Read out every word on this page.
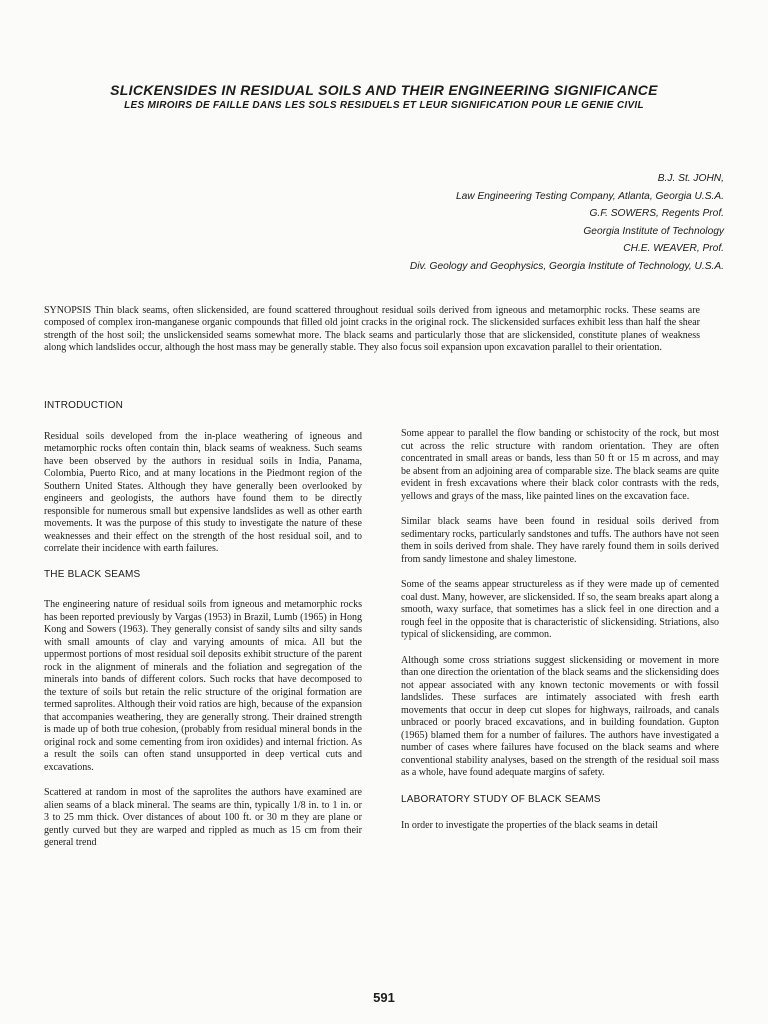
SLICKENSIDES IN RESIDUAL SOILS AND THEIR ENGINEERING SIGNIFICANCE
LES MIROIRS DE FAILLE DANS LES SOLS RESIDUELS ET LEUR SIGNIFICATION POUR LE GENIE CIVIL
B.J. St. JOHN,
Law Engineering Testing Company, Atlanta, Georgia U.S.A.
G.F. SOWERS, Regents Prof.
Georgia Institute of Technology
CH.E. WEAVER, Prof.
Div. Geology and Geophysics, Georgia Institute of Technology, U.S.A.
SYNOPSIS Thin black seams, often slickensided, are found scattered throughout residual soils derived from igneous and metamorphic rocks. These seams are composed of complex iron-manganese organic compounds that filled old joint cracks in the original rock. The slickensided surfaces exhibit less than half the shear strength of the host soil; the unslickensided seams somewhat more. The black seams and particularly those that are slickensided, constitute planes of weakness along which landslides occur, although the host mass may be generally stable. They also focus soil expansion upon excavation parallel to their orientation.
INTRODUCTION

Residual soils developed from the in-place weathering of igneous and metamorphic rocks often contain thin, black seams of weakness. Such seams have been observed by the authors in residual soils in India, Panama, Colombia, Puerto Rico, and at many locations in the Piedmont region of the Southern United States. Although they have generally been overlooked by engineers and geologists, the authors have found them to be directly responsible for numerous small but expensive landslides as well as other earth movements. It was the purpose of this study to investigate the nature of these weaknesses and their effect on the strength of the host residual soil, and to correlate their incidence with earth failures.

THE BLACK SEAMS

The engineering nature of residual soils from igneous and metamorphic rocks has been reported previously by Vargas (1953) in Brazil, Lumb (1965) in Hong Kong and Sowers (1963). They generally consist of sandy silts and silty sands with small amounts of clay and varying amounts of mica. All but the uppermost portions of most residual soil deposits exhibit structure of the parent rock in the alignment of minerals and the foliation and segregation of the minerals into bands of different colors. Such rocks that have decomposed to the texture of soils but retain the relic structure of the original formation are termed saprolites. Although their void ratios are high, because of the expansion that accompanies weathering, they are generally strong. Their drained strength is made up of both true cohesion, (probably from residual mineral bonds in the original rock and some cementing from iron oxidides) and internal friction. As a result the soils can often stand unsupported in deep vertical cuts and excavations.

Scattered at random in most of the saprolites the authors have examined are alien seams of a black mineral. The seams are thin, typically 1/8 in. to 1 in. or 3 to 25 mm thick. Over distances of about 100 ft. or 30 m they are plane or gently curved but they are warped and rippled as much as 15 cm from their general trend

Some appear to parallel the flow banding or schistocity of the rock, but most cut across the relic structure with random orientation. They are often concentrated in small areas or bands, less than 50 ft or 15 m across, and may be absent from an adjoining area of comparable size. The black seams are quite evident in fresh excavations where their black color contrasts with the reds, yellows and grays of the mass, like painted lines on the excavation face.

Similar black seams have been found in residual soils derived from sedimentary rocks, particularly sandstones and tuffs. The authors have not seen them in soils derived from shale. They have rarely found them in soils derived from sandy limestone and shaley limestone.

Some of the seams appear structureless as if they were made up of cemented coal dust. Many, however, are slickensided. If so, the seam breaks apart along a smooth, waxy surface, that sometimes has a slick feel in one direction and a rough feel in the opposite that is characteristic of slickensiding. Striations, also typical of slickensiding, are common.

Although some cross striations suggest slickensiding or movement in more than one direction the orientation of the black seams and the slickensiding does not appear associated with any known tectonic movements or with fossil landslides. These surfaces are intimately associated with fresh earth movements that occur in deep cut slopes for highways, railroads, and canals unbraced or poorly braced excavations, and in building foundation. Gupton (1965) blamed them for a number of failures. The authors have investigated a number of cases where failures have focused on the black seams and where conventional stability analyses, based on the strength of the residual soil mass as a whole, have found adequate margins of safety.

LABORATORY STUDY OF BLACK SEAMS

In order to investigate the properties of the black seams in detail

591
